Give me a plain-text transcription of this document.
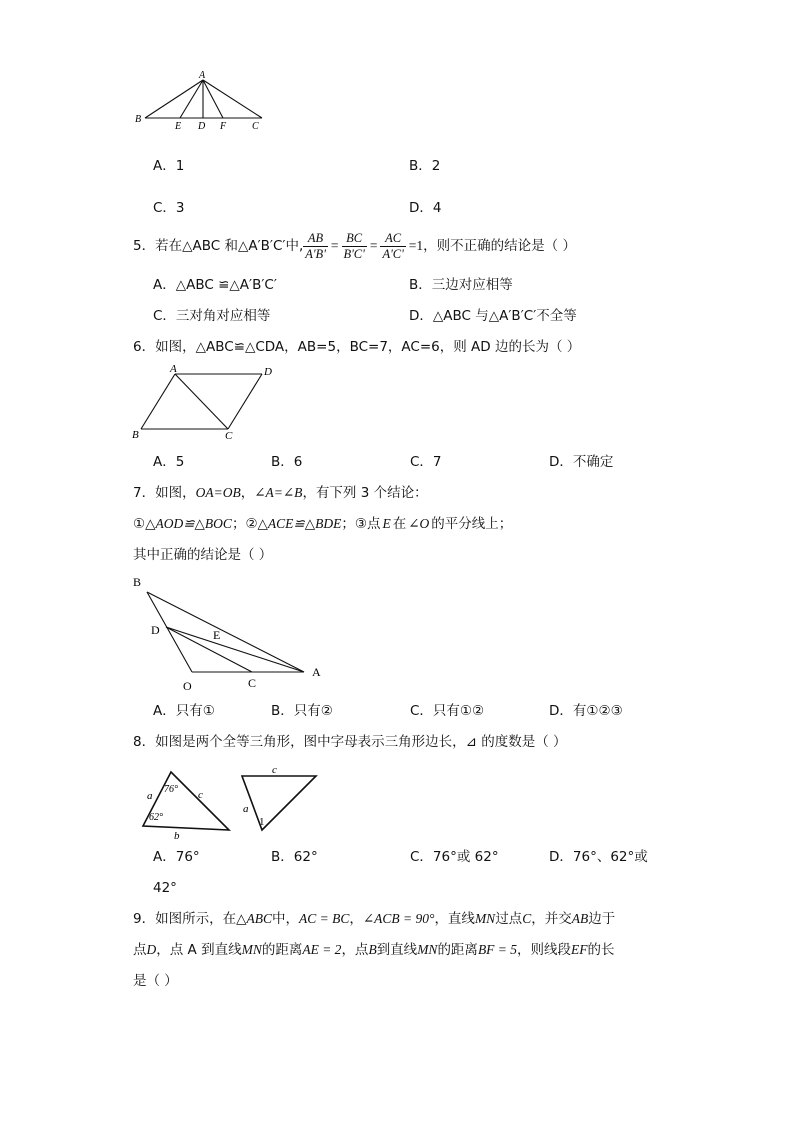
A
B
E D F	C
A．1	B．2
C．3	D．4
5．若在△ABC 和△A′B′C′中, $\frac{AB}{A'B'} = \frac{BC}{B'C'} = \frac{AC}{A'C'} =1$ ，则不正确的结论是（ ）
A．△ABC ≌△A′B′C′	B．三边对应相等
C．三对角对应相等	D．△ABC 与△A′B′C′不全等
6．如图，△ABC≌△CDA，AB=5，BC=7，AC=6，则 AD 边的长为（ ）
A	D
B	C
A．5	B．6	C．7	D．不确定
7．如图，OA=OB，∠A=∠B，有下列 3 个结论：
①△AOD≌△BOC；②△ACE≌△BDE；③点 E 在 ∠O 的平分线上；
其中正确的结论是（ ）
B
D	E
O	C
A
A．只有①	B．只有②	C．只有①②	D．有①②③
8．如图是两个全等三角形，图中字母表示三角形边长，⊿ 的度数是（ ）
a
76° c
62°
b
c
a
1
A．76°	B．62°	C．76°或 62°	D．76°、62°或
42°
9．如图所示，在△ABC中，AC = BC，∠ACB = 90°，直线MN过点C，并交AB边于
点D，点 A 到直线MN的距离AE = 2，点B到直线MN的距离BF = 5，则线段EF的长
是（ ）
